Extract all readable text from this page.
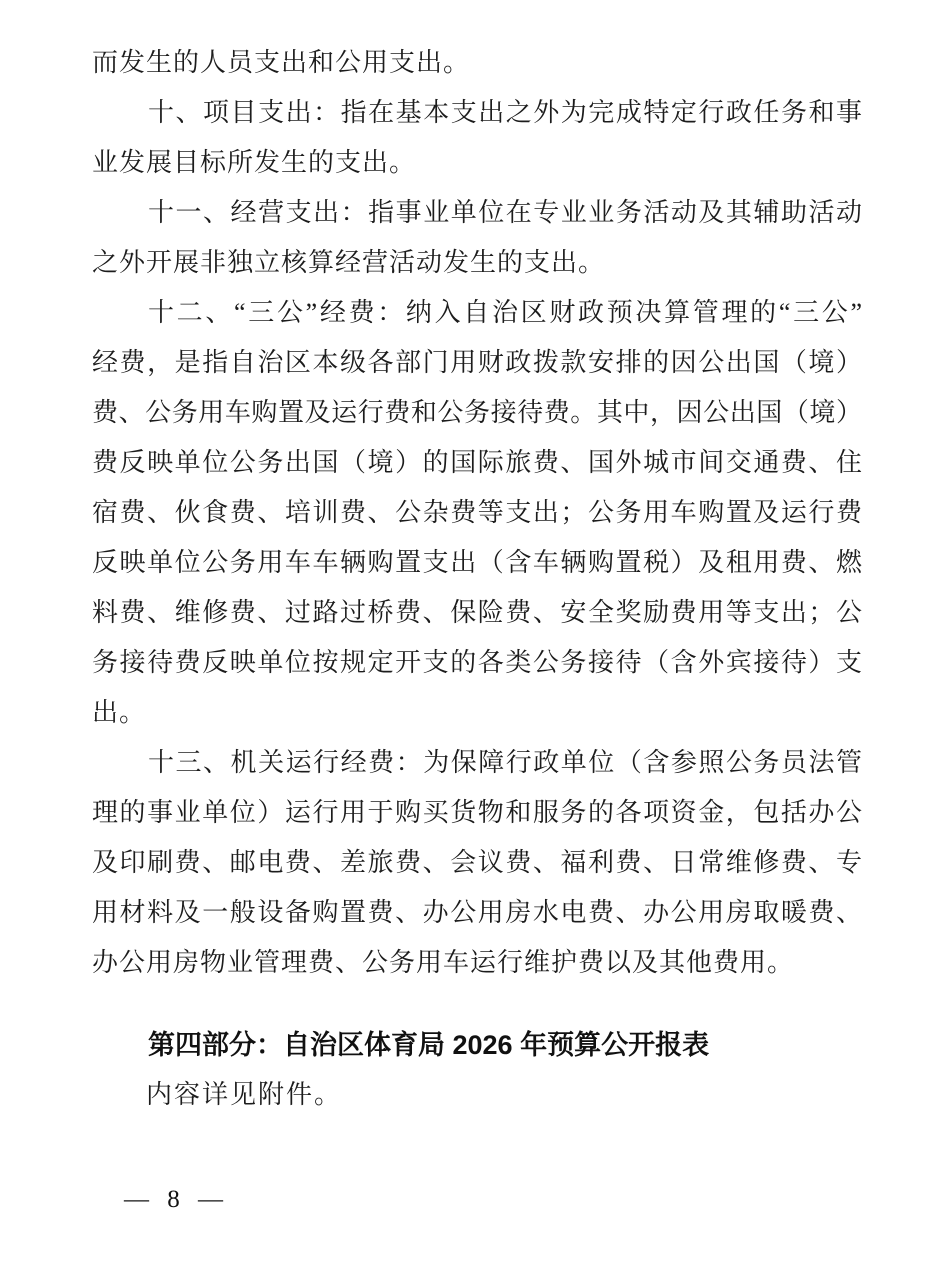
而发生的人员支出和公用支出。
十、项目支出：指在基本支出之外为完成特定行政任务和事
业发展目标所发生的支出。
十一、经营支出：指事业单位在专业业务活动及其辅助活动
之外开展非独立核算经营活动发生的支出。
十二、“三公”经费：纳入自治区财政预决算管理的“三公”
经费，是指自治区本级各部门用财政拨款安排的因公出国（境）
费、公务用车购置及运行费和公务接待费。其中，因公出国（境）
费反映单位公务出国（境）的国际旅费、国外城市间交通费、住
宿费、伙食费、培训费、公杂费等支出；公务用车购置及运行费
反映单位公务用车车辆购置支出（含车辆购置税）及租用费、燃
料费、维修费、过路过桥费、保险费、安全奖励费用等支出；公
务接待费反映单位按规定开支的各类公务接待（含外宾接待）支
出。
十三、机关运行经费：为保障行政单位（含参照公务员法管
理的事业单位）运行用于购买货物和服务的各项资金，包括办公
及印刷费、邮电费、差旅费、会议费、福利费、日常维修费、专
用材料及一般设备购置费、办公用房水电费、办公用房取暖费、
办公用房物业管理费、公务用车运行维护费以及其他费用。
第四部分：自治区体育局 2026 年预算公开报表
内容详见附件。
— 8 —
